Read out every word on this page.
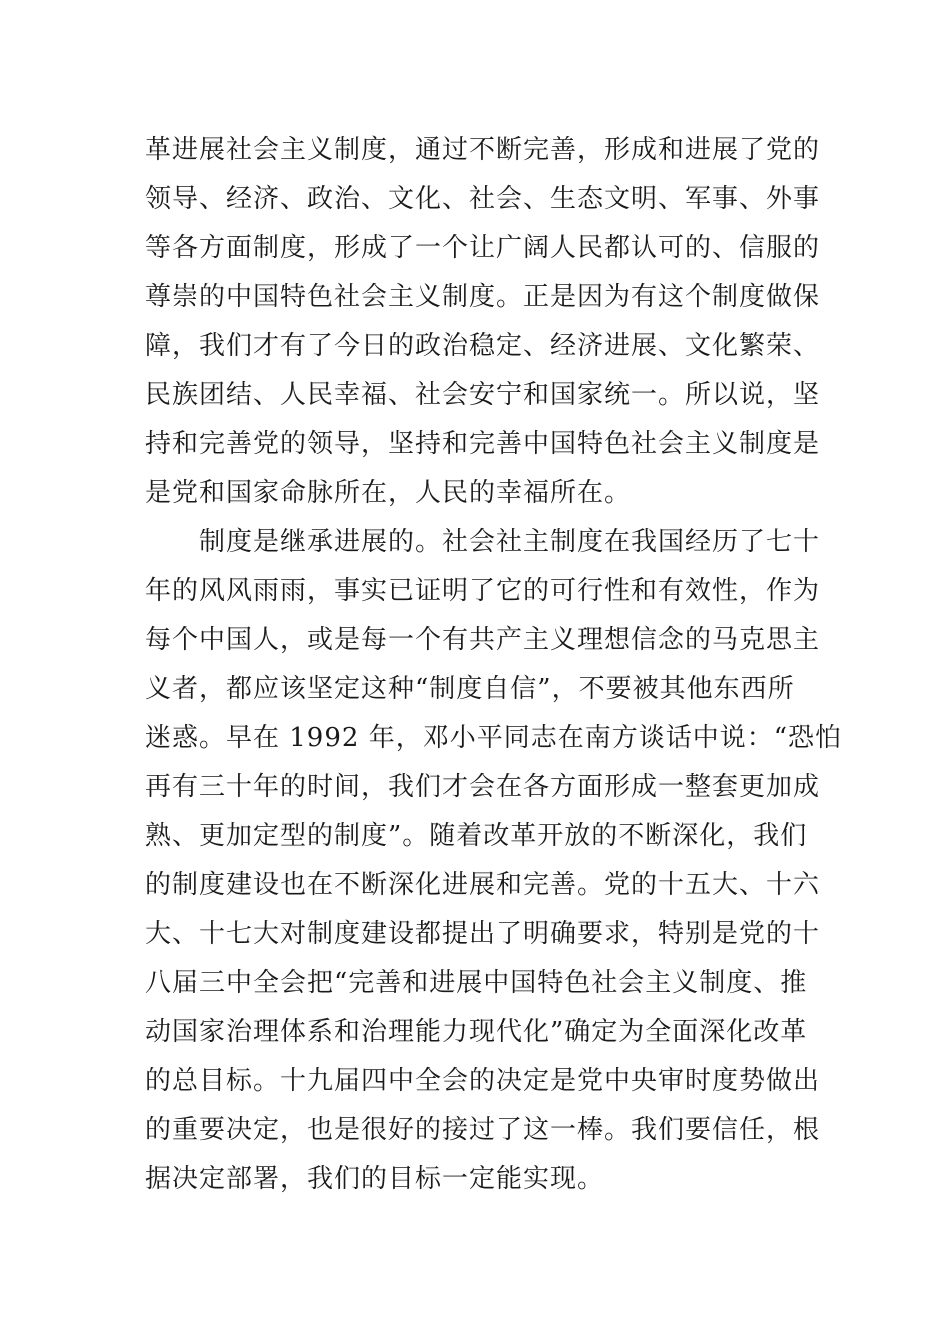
革进展社会主义制度，通过不断完善，形成和进展了党的
领导、经济、政治、文化、社会、生态文明、军事、外事
等各方面制度，形成了一个让广阔人民都认可的、信服的
尊崇的中国特色社会主义制度。正是因为有这个制度做保
障，我们才有了今日的政治稳定、经济进展、文化繁荣、
民族团结、人民幸福、社会安宁和国家统一。所以说，坚
持和完善党的领导，坚持和完善中国特色社会主义制度是
是党和国家命脉所在，人民的幸福所在。
制度是继承进展的。社会社主制度在我国经历了七十
年的风风雨雨，事实已证明了它的可行性和有效性，作为
每个中国人，或是每一个有共产主义理想信念的马克思主
义者，都应该坚定这种“制度自信”，不要被其他东西所
迷惑。早在 1992 年，邓小平同志在南方谈话中说：“恐怕
再有三十年的时间，我们才会在各方面形成一整套更加成
熟、更加定型的制度”。随着改革开放的不断深化，我们
的制度建设也在不断深化进展和完善。党的十五大、十六
大、十七大对制度建设都提出了明确要求，特别是党的十
八届三中全会把“完善和进展中国特色社会主义制度、推
动国家治理体系和治理能力现代化”确定为全面深化改革
的总目标。十九届四中全会的决定是党中央审时度势做出
的重要决定，也是很好的接过了这一棒。我们要信任，根
据决定部署，我们的目标一定能实现。
